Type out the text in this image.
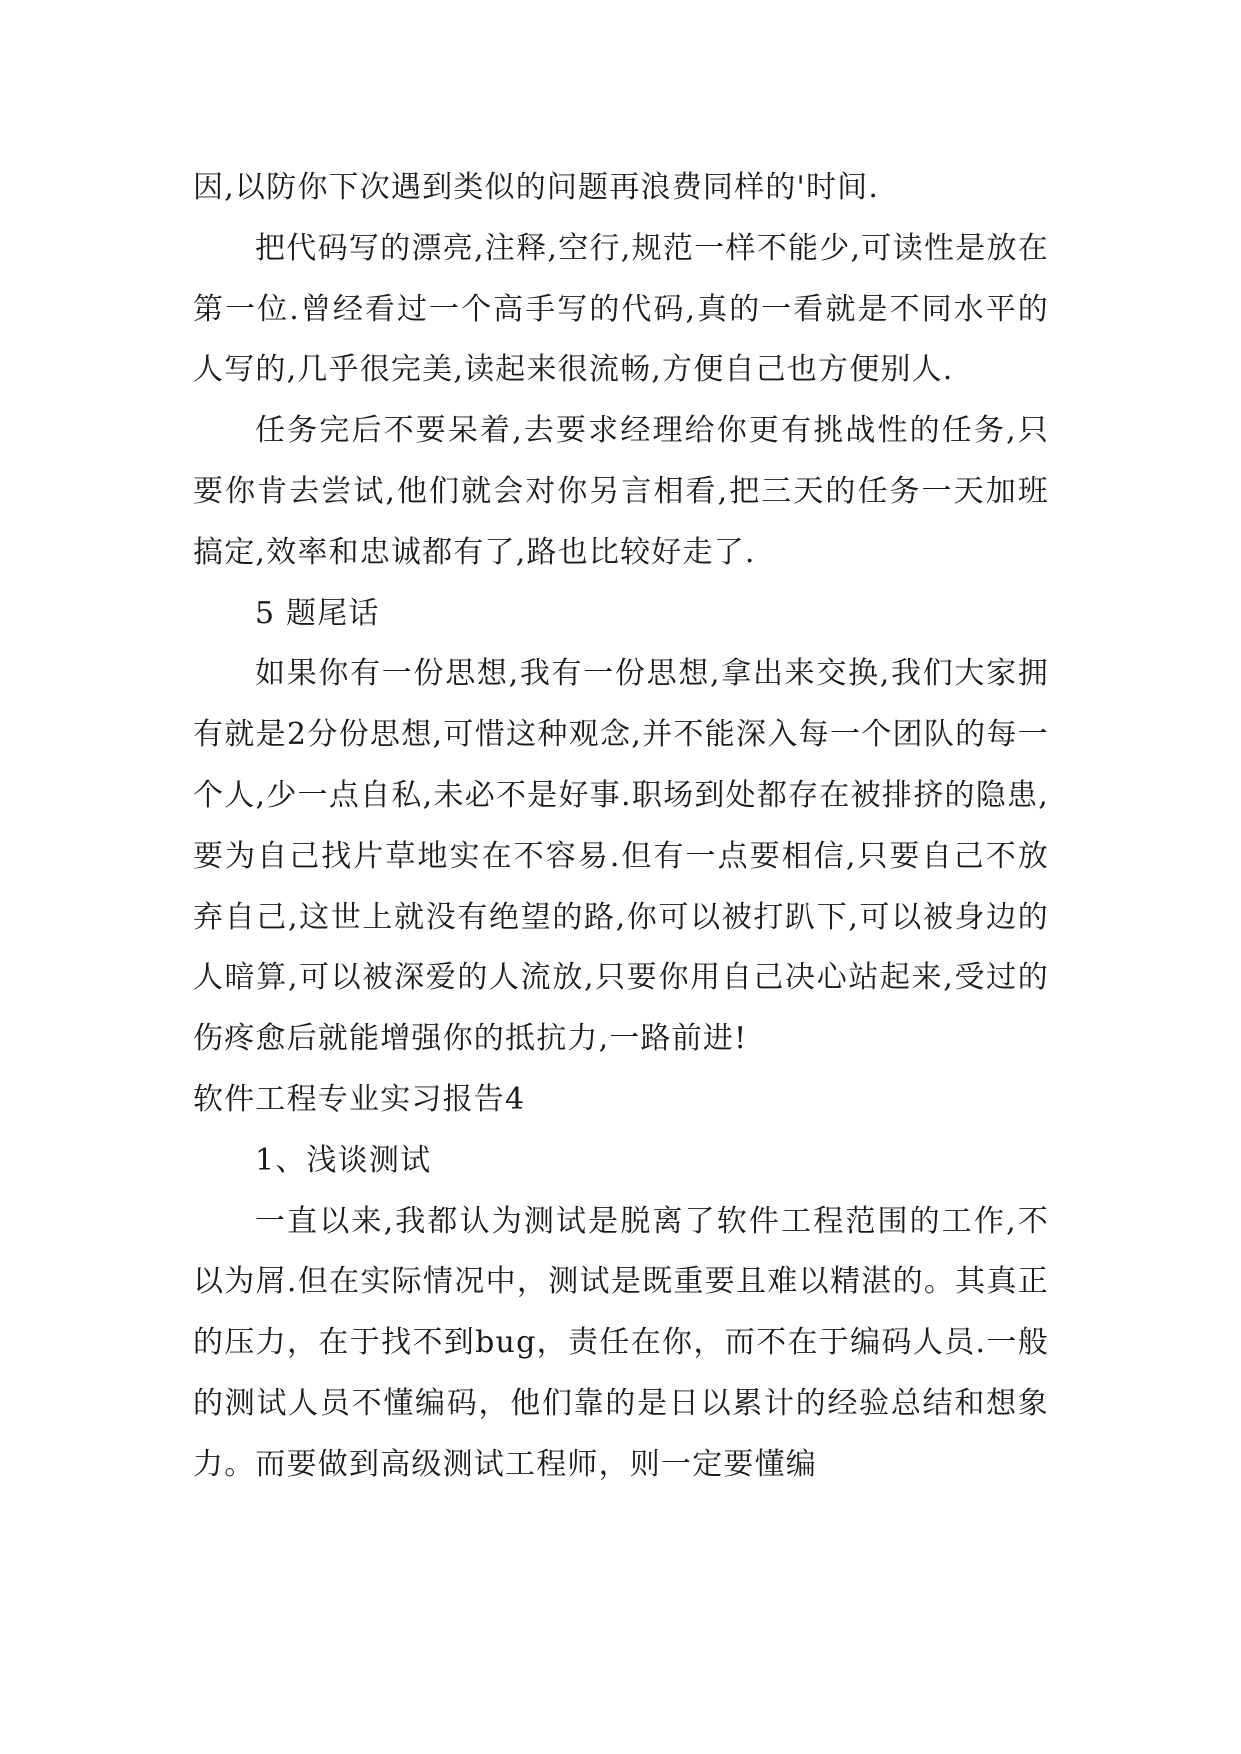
因,以防你下次遇到类似的问题再浪费同样的'时间.

把代码写的漂亮,注释,空行,规范一样不能少,可读性是放在第一位.曾经看过一个高手写的代码,真的一看就是不同水平的人写的,几乎很完美,读起来很流畅,方便自己也方便别人.

任务完后不要呆着,去要求经理给你更有挑战性的任务,只要你肯去尝试,他们就会对你另言相看,把三天的任务一天加班搞定,效率和忠诚都有了,路也比较好走了.

5 题尾话

如果你有一份思想,我有一份思想,拿出来交换,我们大家拥有就是2分份思想,可惜这种观念,并不能深入每一个团队的每一个人,少一点自私,未必不是好事.职场到处都存在被排挤的隐患,要为自己找片草地实在不容易.但有一点要相信,只要自己不放弃自己,这世上就没有绝望的路,你可以被打趴下,可以被身边的人暗算,可以被深爱的人流放,只要你用自己决心站起来,受过的伤疼愈后就能增强你的抵抗力,一路前进!

软件工程专业实习报告4

1、浅谈测试

一直以来,我都认为测试是脱离了软件工程范围的工作,不以为屑.但在实际情况中，测试是既重要且难以精湛的。其真正的压力，在于找不到bug，责任在你，而不在于编码人员.一般的测试人员不懂编码，他们靠的是日以累计的经验总结和想象力。而要做到高级测试工程师，则一定要懂编
